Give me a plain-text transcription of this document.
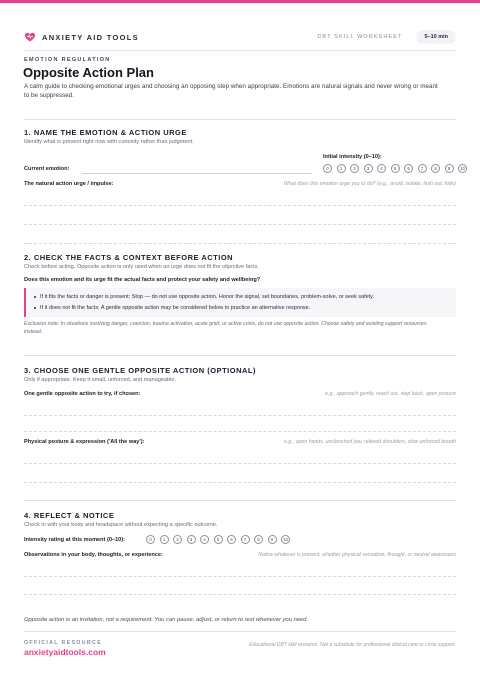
ANXIETY AID TOOLS	DBT SKILL WORKSHEET	5–10 min
EMOTION REGULATION
Opposite Action Plan
A calm guide to checking emotional urges and choosing an opposing step when appropriate. Emotions are natural signals and never wrong or meant to be suppressed.
1. NAME THE EMOTION & ACTION URGE
Identify what is present right now with curiosity rather than judgment.
Initial intensity (0–10):
0	1	2	3	4	5	6	7	8	9	10
Current emotion:
The natural action urge / impulse:	What does this emotion urge you to do? (e.g., avoid, isolate, lash out, hide)
2. CHECK THE FACTS & CONTEXT BEFORE ACTION
Check before acting. Opposite action is only used when an urge does not fit the objective facts.
Does this emotion and its urge fit the actual facts and protect your safety and wellbeing?
If it fits the facts or danger is present: Stop — do not use opposite action. Honor the signal, set boundaries, problem-solve, or seek safety.
If it does not fit the facts: A gentle opposite action may be considered below to practice an alternative response.
Exclusion note: In situations involving danger, coercion, trauma activation, acute grief, or active crisis, do not use opposite action. Choose safety and existing support resources instead.
3. CHOOSE ONE GENTLE OPPOSITE ACTION (OPTIONAL)
Only if appropriate. Keep it small, unforced, and manageable.
One gentle opposite action to try, if chosen:	e.g., approach gently, reach out, step back, open posture
Physical posture & expression ('All the way'):	e.g., open hands, unclenched jaw, relaxed shoulders, slow unforced breath
4. REFLECT & NOTICE
Check in with your body and headspace without expecting a specific outcome.
Intensity rating at this moment (0–10):	0	1	2	3	4	5	6	7	8	9	10
Observations in your body, thoughts, or experience:	Notice whatever is present, whether physical sensation, thought, or neutral awareness
Opposite action is an invitation, not a requirement. You can pause, adjust, or return to rest whenever you need.
OFFICIAL RESOURCE
anxietyaidtools.com
Educational DBT skill resource. Not a substitute for professional clinical care or crisis support.
